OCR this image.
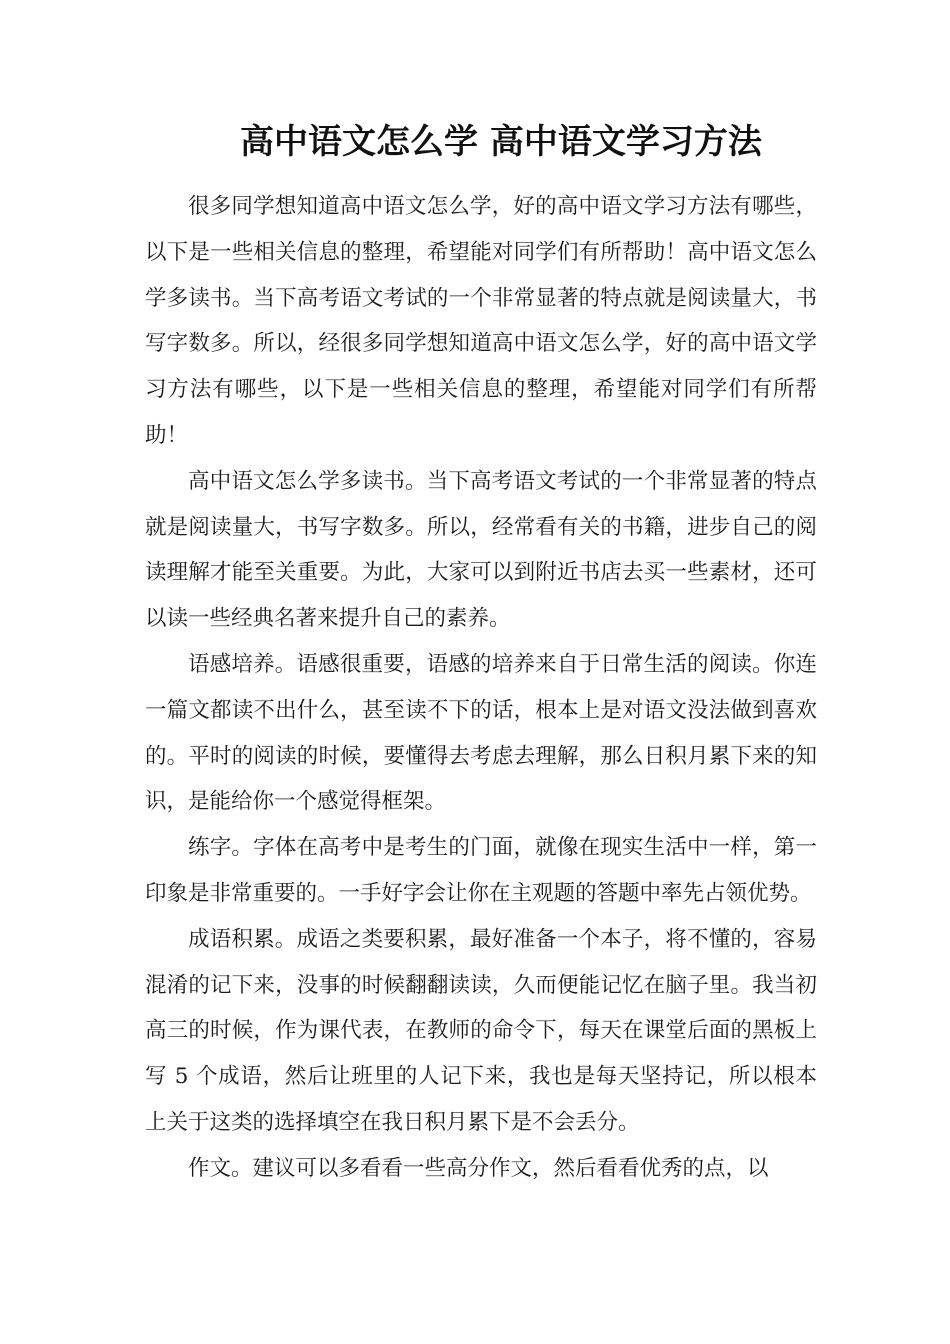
高中语文怎么学 高中语文学习方法

很多同学想知道高中语文怎么学，好的高中语文学习方法有哪些，以下是一些相关信息的整理，希望能对同学们有所帮助！高中语文怎么学多读书。当下高考语文考试的一个非常显著的特点就是阅读量大，书写字数多。所以，经很多同学想知道高中语文怎么学，好的高中语文学习方法有哪些，以下是一些相关信息的整理，希望能对同学们有所帮助！

高中语文怎么学多读书。当下高考语文考试的一个非常显著的特点就是阅读量大，书写字数多。所以，经常看有关的书籍，进步自己的阅读理解才能至关重要。为此，大家可以到附近书店去买一些素材，还可以读一些经典名著来提升自己的素养。

语感培养。语感很重要，语感的培养来自于日常生活的阅读。你连一篇文都读不出什么，甚至读不下的话，根本上是对语文没法做到喜欢的。平时的阅读的时候，要懂得去考虑去理解，那么日积月累下来的知识，是能给你一个感觉得框架。

练字。字体在高考中是考生的门面，就像在现实生活中一样，第一印象是非常重要的。一手好字会让你在主观题的答题中率先占领优势。

成语积累。成语之类要积累，最好准备一个本子，将不懂的，容易混淆的记下来，没事的时候翻翻读读，久而便能记忆在脑子里。我当初高三的时候，作为课代表，在教师的命令下，每天在课堂后面的黑板上写 5 个成语，然后让班里的人记下来，我也是每天坚持记，所以根本上关于这类的选择填空在我日积月累下是不会丢分。

作文。建议可以多看看一些高分作文，然后看看优秀的点，以
